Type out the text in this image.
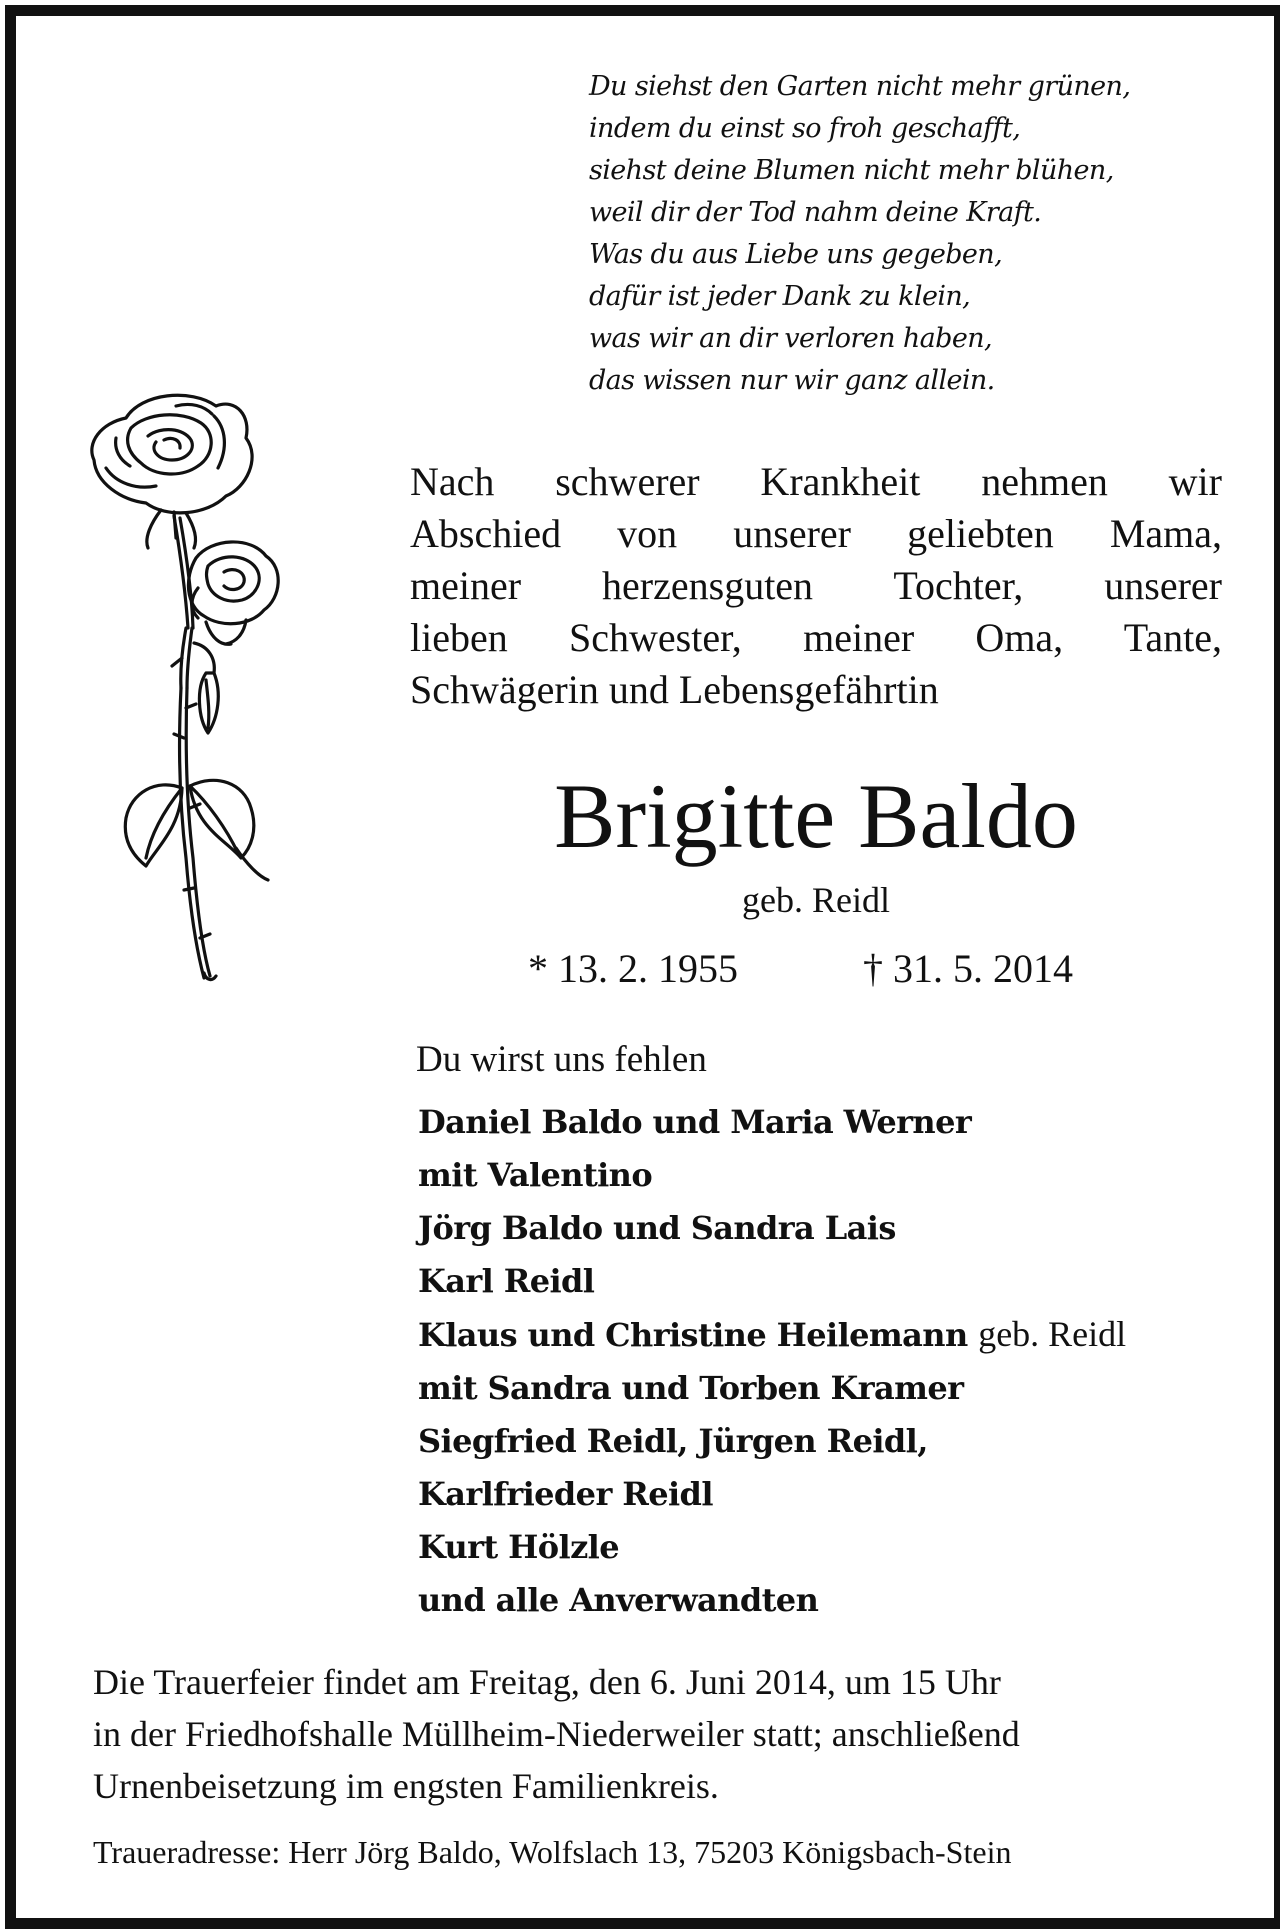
Du siehst den Garten nicht mehr grünen,
indem du einst so froh geschafft,
siehst deine Blumen nicht mehr blühen,
weil dir der Tod nahm deine Kraft.
Was du aus Liebe uns gegeben,
dafür ist jeder Dank zu klein,
was wir an dir verloren haben,
das wissen nur wir ganz allein.
Nach schwerer Krankheit nehmen wir
Abschied von unserer geliebten Mama,
meiner herzensguten Tochter, unserer
lieben Schwester, meiner Oma, Tante,
Schwägerin und Lebensgefährtin
Brigitte Baldo
geb. Reidl
* 13. 2. 1955	† 31. 5. 2014
Du wirst uns fehlen
Daniel Baldo und Maria Werner
mit Valentino
Jörg Baldo und Sandra Lais
Karl Reidl
Klaus und Christine Heilemann geb. Reidl
mit Sandra und Torben Kramer
Siegfried Reidl, Jürgen Reidl,
Karlfrieder Reidl
Kurt Hölzle
und alle Anverwandten
Die Trauerfeier findet am Freitag, den 6. Juni 2014, um 15 Uhr
in der Friedhofshalle Müllheim-Niederweiler statt; anschließend
Urnenbeisetzung im engsten Familienkreis.
Traueradresse: Herr Jörg Baldo, Wolfslach 13, 75203 Königsbach-Stein
